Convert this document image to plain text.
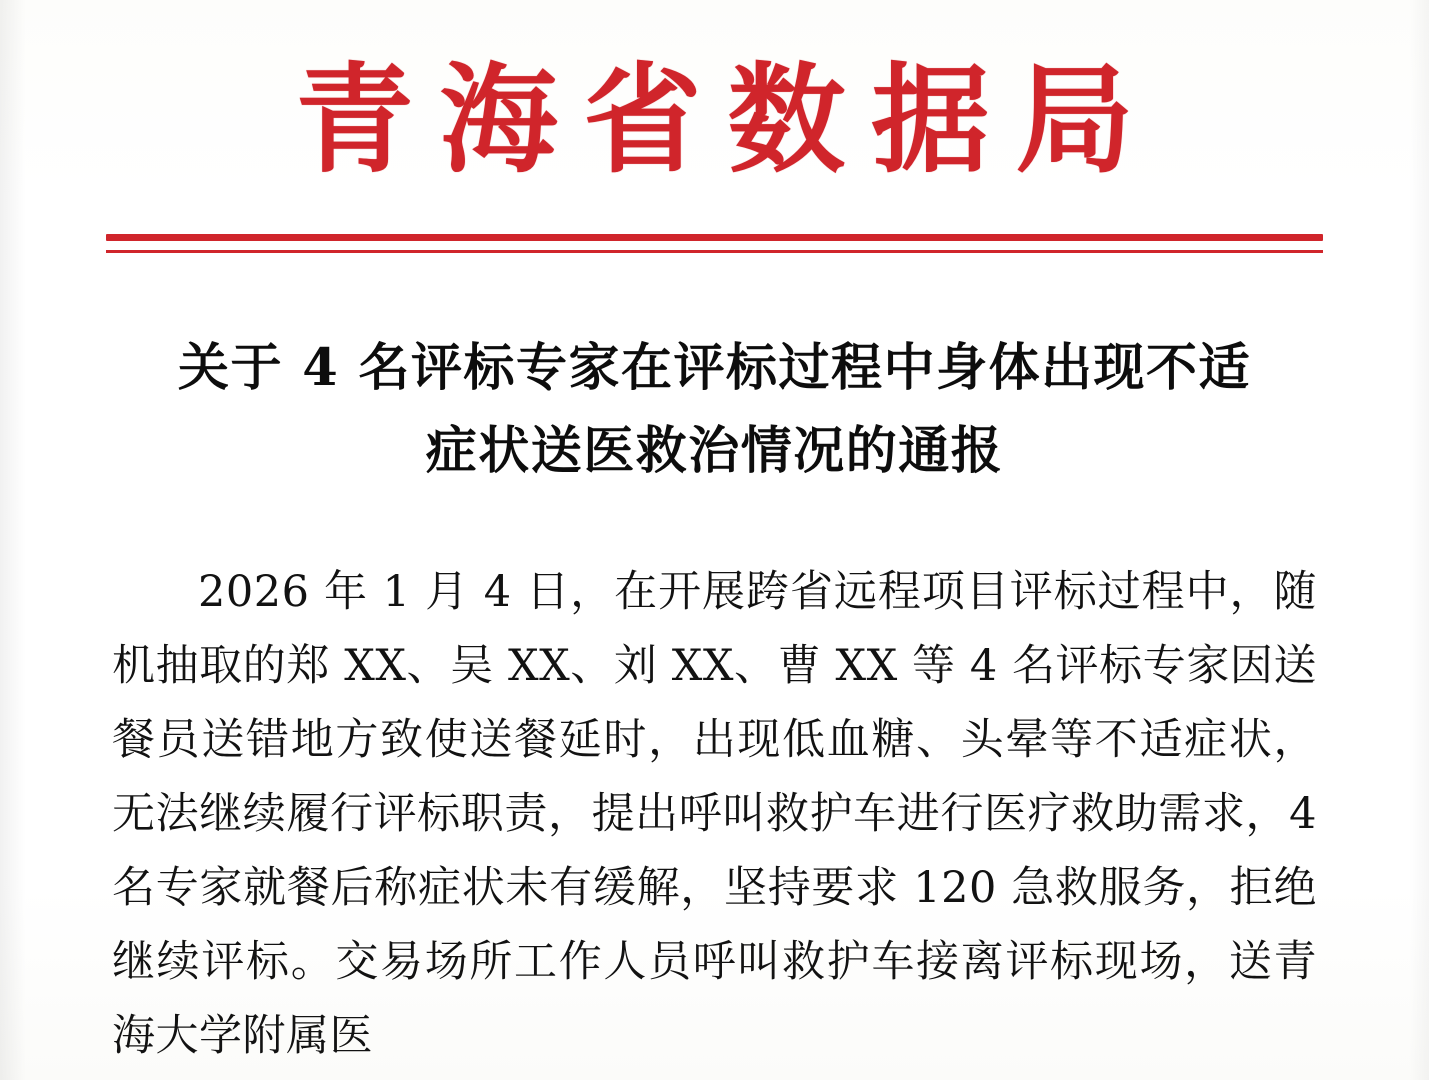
青海省数据局
关于 4 名评标专家在评标过程中身体出现不适
症状送医救治情况的通报

2026 年 1 月 4 日，在开展跨省远程项目评标过程中，随机抽取的郑 XX、吴 XX、刘 XX、曹 XX 等 4 名评标专家因送餐员送错地方致使送餐延时，出现低血糖、头晕等不适症状，无法继续履行评标职责，提出呼叫救护车进行医疗救助需求，4 名专家就餐后称症状未有缓解，坚持要求 120 急救服务，拒绝继续评标。交易场所工作人员呼叫救护车接离评标现场，送青海大学附属医
